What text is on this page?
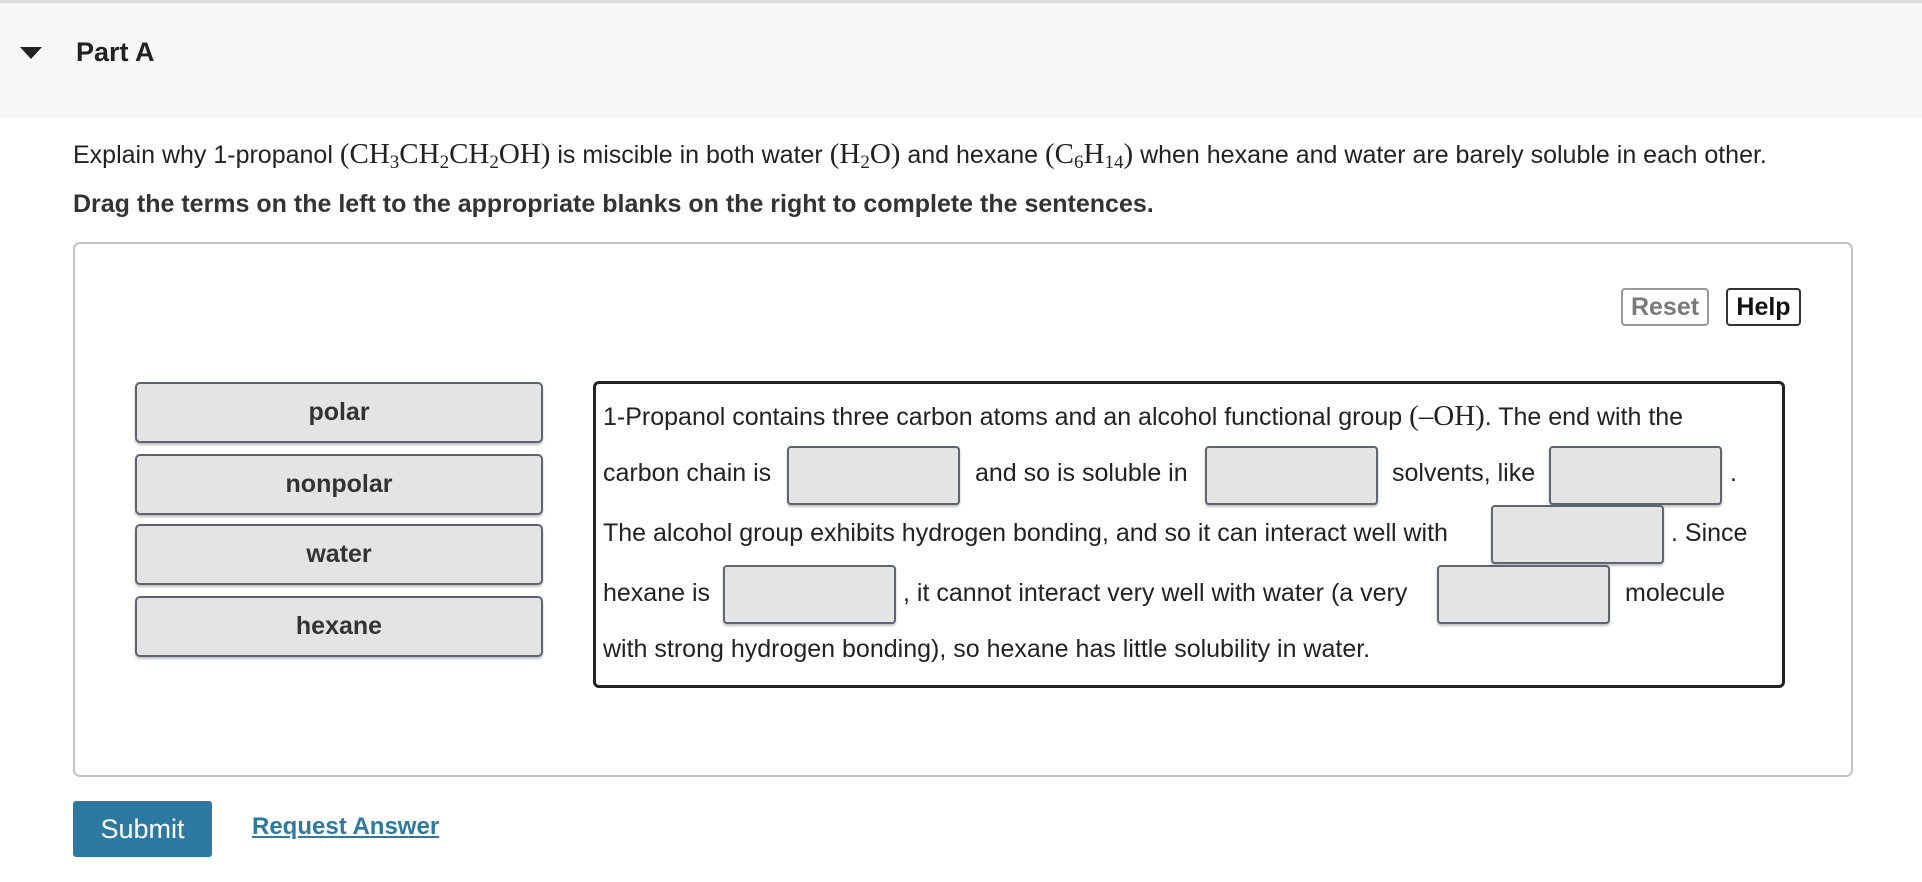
Part A
Explain why 1-propanol $(CH_3CH_2CH_2OH)$ is miscible in both water $(H_2O)$ and hexane $(C_6H_{14})$ when hexane and water are barely soluble in each other.
Drag the terms on the left to the appropriate blanks on the right to complete the sentences.
Reset	Help
polar
nonpolar
water
hexane
1-Propanol contains three carbon atoms and an alcohol functional group (–OH). The end with the
carbon chain is	and so is soluble in	solvents, like	.
The alcohol group exhibits hydrogen bonding, and so it can interact well with	. Since
hexane is	, it cannot interact very well with water (a very	molecule
with strong hydrogen bonding), so hexane has little solubility in water.
Submit	Request Answer
